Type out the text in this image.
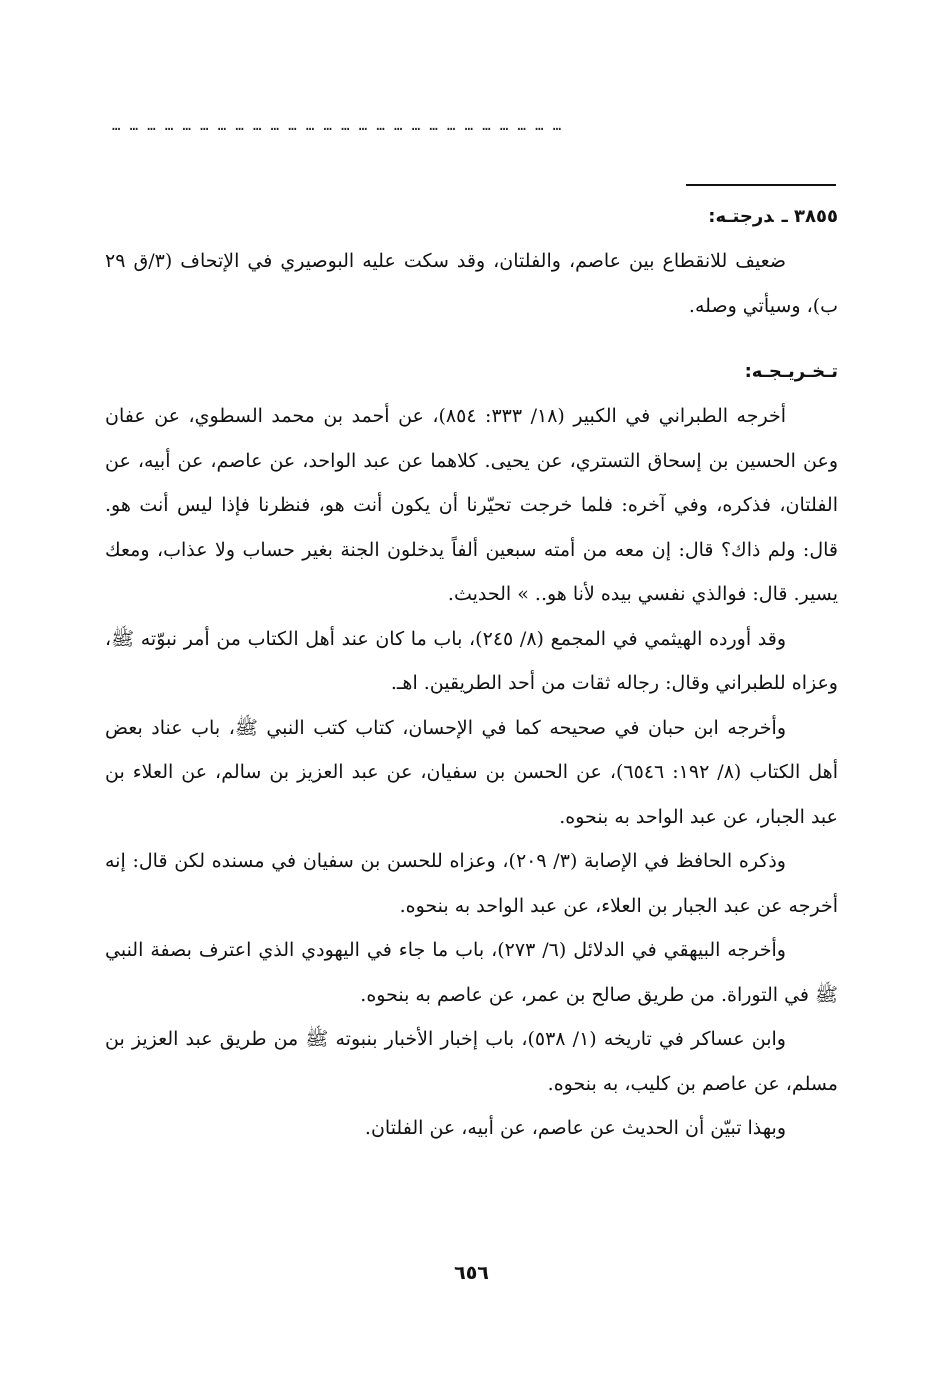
……………………………………………………………………

٣٨٥٥ ـدرجتـه:

ضعيف للانقطاع بين عاصم، والفلتان، وقد سكت عليه البوصيري في الإتحاف (٣/ق ٢٩ ب)، وسيأتي وصله.

تـخـريـجـه:

أخرجه الطبراني في الكبير (١٨/ ٣٣٣: ٨٥٤)، عن أحمد بن محمد السطوي، عن عفان وعن الحسين بن إسحاق التستري، عن يحيى. كلاهما عن عبد الواحد، عن عاصم، عن أبيه، عن الفلتان، فذكره، وفي آخره: فلما خرجت تحيّرنا أن يكون أنت هو، فنظرنا فإذا ليس أنت هو. قال: ولم ذاك؟ قال: إن معه من أمته سبعين ألفاً يدخلون الجنة بغير حساب ولا عذاب، ومعك يسير. قال: فوالذي نفسي بيده لأنا هو.. » الحديث.

وقد أورده الهيثمي في المجمع (٨/ ٢٤٥)، باب ما كان عند أهل الكتاب من أمر نبوّته ﷺ، وعزاه للطبراني وقال: رجاله ثقات من أحد الطريقين. اهـ.

وأخرجه ابن حبان في صحيحه كما في الإحسان، كتاب كتب النبي ﷺ، باب عناد بعض أهل الكتاب (٨/ ١٩٢: ٦٥٤٦)، عن الحسن بن سفيان، عن عبد العزيز بن سالم، عن العلاء بن عبد الجبار، عن عبد الواحد به بنحوه.

وذكره الحافظ في الإصابة (٣/ ٢٠٩)، وعزاه للحسن بن سفيان في مسنده لكن قال: إنه أخرجه عن عبد الجبار بن العلاء، عن عبد الواحد به بنحوه.

وأخرجه البيهقي في الدلائل (٦/ ٢٧٣)، باب ما جاء في اليهودي الذي اعترف بصفة النبي ﷺ في التوراة. من طريق صالح بن عمر، عن عاصم به بنحوه.

وابن عساكر في تاريخه (١/ ٥٣٨)، باب إخبار الأخبار بنبوته ﷺ من طريق عبد العزيز بن مسلم، عن عاصم بن كليب، به بنحوه.

وبهذا تبيّن أن الحديث عن عاصم، عن أبيه، عن الفلتان.

٦٥٦
